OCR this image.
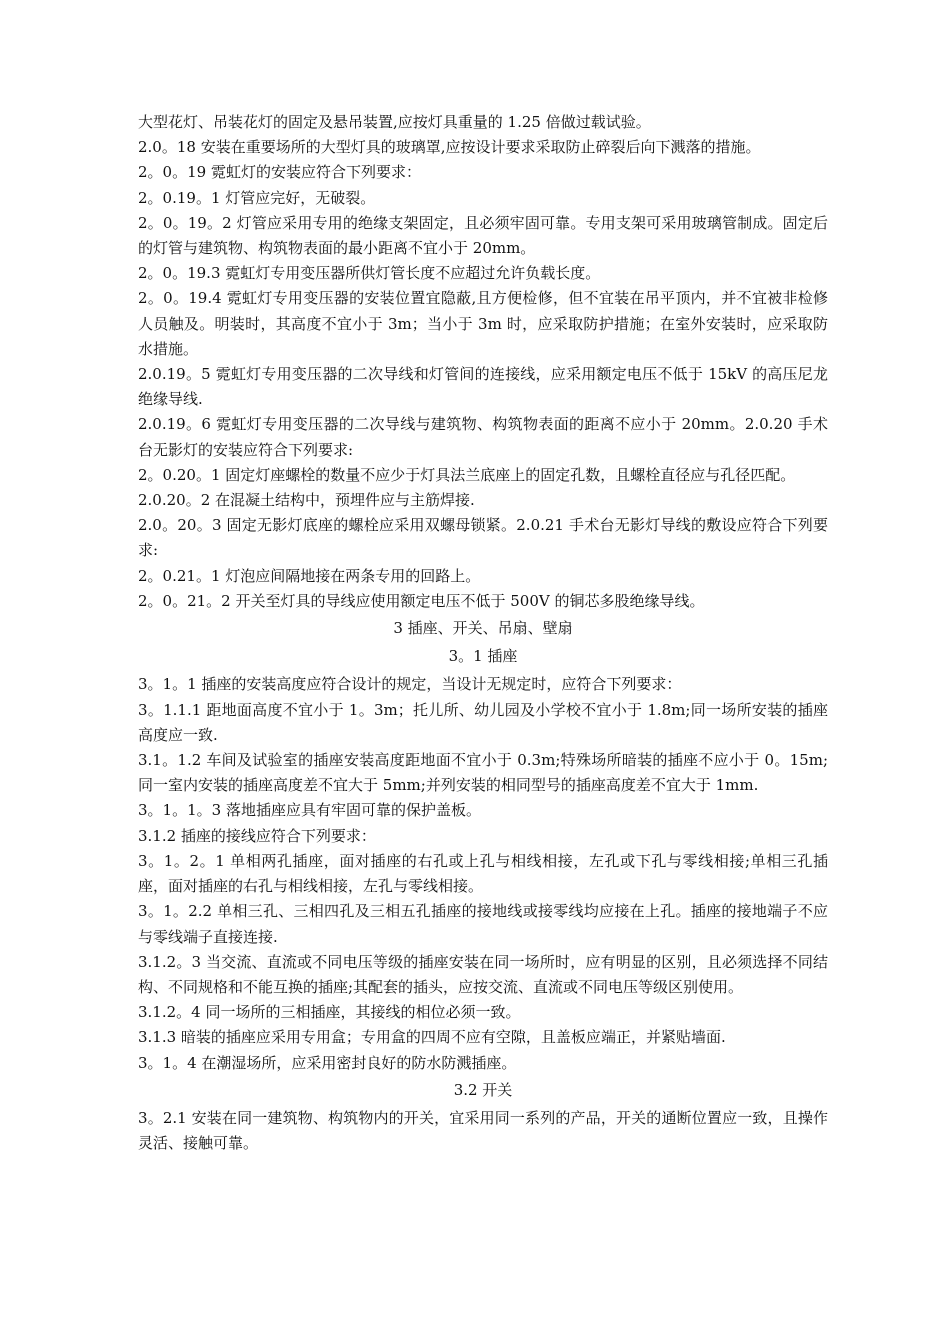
大型花灯、吊装花灯的固定及悬吊装置,应按灯具重量的 1.25 倍做过载试验。

2.0。18 安装在重要场所的大型灯具的玻璃罩,应按设计要求采取防止碎裂后向下溅落的措施。

2。0。19 霓虹灯的安装应符合下列要求：

2。0.19。1 灯管应完好，无破裂。

2。0。19。2 灯管应采用专用的绝缘支架固定，且必须牢固可靠。专用支架可采用玻璃管制成。固定后的灯管与建筑物、构筑物表面的最小距离不宜小于 20mm。

2。0。19.3 霓虹灯专用变压器所供灯管长度不应超过允许负载长度。

2。0。19.4 霓虹灯专用变压器的安装位置宜隐蔽,且方便检修，但不宜装在吊平顶内，并不宜被非检修人员触及。明装时，其高度不宜小于 3m；当小于 3m 时，应采取防护措施；在室外安装时，应采取防水措施。

2.0.19。5 霓虹灯专用变压器的二次导线和灯管间的连接线，应采用额定电压不低于 15kV 的高压尼龙绝缘导线.

2.0.19。6 霓虹灯专用变压器的二次导线与建筑物、构筑物表面的距离不应小于 20mm。2.0.20 手术台无影灯的安装应符合下列要求:

2。0.20。1 固定灯座螺栓的数量不应少于灯具法兰底座上的固定孔数，且螺栓直径应与孔径匹配。

2.0.20。2 在混凝土结构中，预埋件应与主筋焊接.

2.0。20。3 固定无影灯底座的螺栓应采用双螺母锁紧。2.0.21 手术台无影灯导线的敷设应符合下列要求:

2。0.21。1 灯泡应间隔地接在两条专用的回路上。

2。0。21。2 开关至灯具的导线应使用额定电压不低于 500V 的铜芯多股绝缘导线。

3 插座、开关、吊扇、壁扇

3。1 插座

3。1。1 插座的安装高度应符合设计的规定，当设计无规定时，应符合下列要求：

3。1.1.1 距地面高度不宜小于 1。3m；托儿所、幼儿园及小学校不宜小于 1.8m;同一场所安装的插座高度应一致.

3.1。1.2 车间及试验室的插座安装高度距地面不宜小于 0.3m;特殊场所暗装的插座不应小于 0。15m;同一室内安装的插座高度差不宜大于 5mm;并列安装的相同型号的插座高度差不宜大于 1mm.

3。1。1。3 落地插座应具有牢固可靠的保护盖板。

3.1.2 插座的接线应符合下列要求：

3。1。2。1 单相两孔插座，面对插座的右孔或上孔与相线相接，左孔或下孔与零线相接;单相三孔插座，面对插座的右孔与相线相接，左孔与零线相接。

3。1。2.2 单相三孔、三相四孔及三相五孔插座的接地线或接零线均应接在上孔。插座的接地端子不应与零线端子直接连接.

3.1.2。3 当交流、直流或不同电压等级的插座安装在同一场所时，应有明显的区别，且必须选择不同结构、不同规格和不能互换的插座;其配套的插头，应按交流、直流或不同电压等级区别使用。

3.1.2。4 同一场所的三相插座，其接线的相位必须一致。

3.1.3 暗装的插座应采用专用盒；专用盒的四周不应有空隙，且盖板应端正，并紧贴墙面.

3。1。4 在潮湿场所，应采用密封良好的防水防溅插座。

3.2 开关

3。2.1 安装在同一建筑物、构筑物内的开关，宜采用同一系列的产品，开关的通断位置应一致，且操作灵活、接触可靠。
